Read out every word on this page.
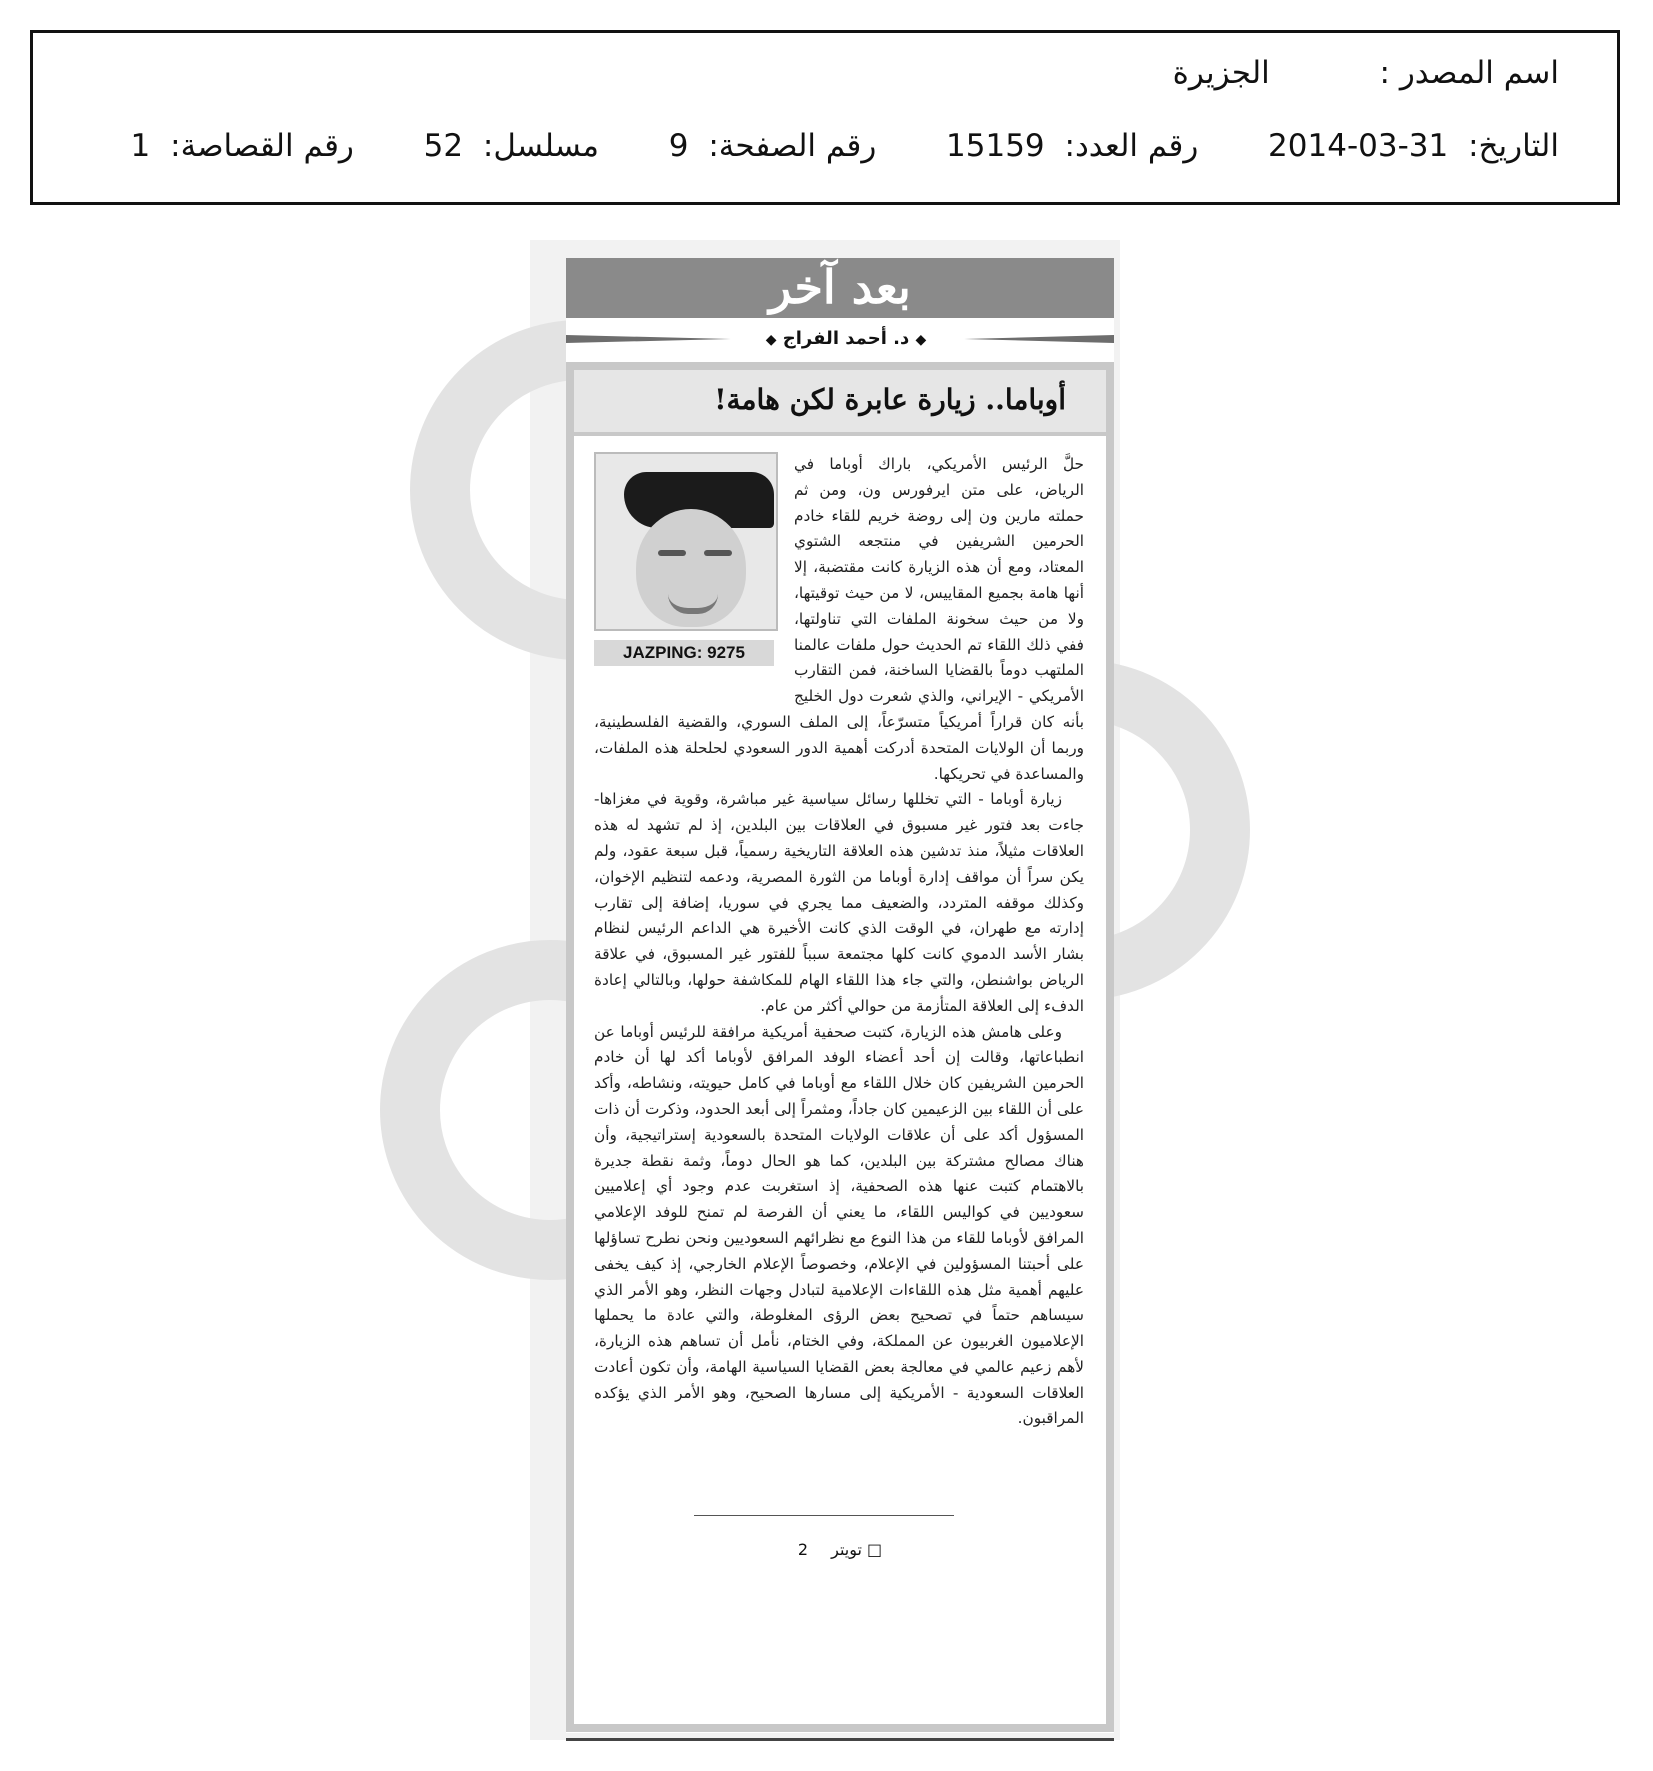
اسم المصدر :  الجزيرة
التاريخ: 2014-03-31  رقم العدد: 15159  رقم الصفحة: 9  مسلسل: 52  رقم القصاصة: 1
بعد آخر
◆ د. أحمد الفراج ◆
أوباما.. زيارة عابرة لكن هامة!
JAZPING: 9275

حلَّ الرئيس الأمريكي، باراك أوباما في الرياض، على متن ايرفورس ون، ومن ثم حملته مارين ون إلى روضة خريم للقاء خادم الحرمين الشريفين في منتجعه الشتوي المعتاد، ومع أن هذه الزيارة كانت مقتضبة، إلا أنها هامة بجميع المقاييس، لا من حيث توقيتها، ولا من حيث سخونة الملفات التي تناولتها، ففي ذلك اللقاء تم الحديث حول ملفات عالمنا الملتهب دوماً بالقضايا الساخنة، فمن التقارب الأمريكي - الإيراني، والذي شعرت دول الخليج بأنه كان قراراً أمريكياً متسرّعاً، إلى الملف السوري، والقضية الفلسطينية، وربما أن الولايات المتحدة أدركت أهمية الدور السعودي لحلحلة هذه الملفات، والمساعدة في تحريكها.

زيارة أوباما - التي تخللها رسائل سياسية غير مباشرة، وقوية في مغزاها- جاءت بعد فتور غير مسبوق في العلاقات بين البلدين، إذ لم تشهد له هذه العلاقات مثيلاً، منذ تدشين هذه العلاقة التاريخية رسمياً، قبل سبعة عقود، ولم يكن سراً أن مواقف إدارة أوباما من الثورة المصرية، ودعمه لتنظيم الإخوان، وكذلك موقفه المتردد، والضعيف مما يجري في سوريا، إضافة إلى تقارب إدارته مع طهران، في الوقت الذي كانت الأخيرة هي الداعم الرئيس لنظام بشار الأسد الدموي كانت كلها مجتمعة سبباً للفتور غير المسبوق، في علاقة الرياض بواشنطن، والتي جاء هذا اللقاء الهام للمكاشفة حولها، وبالتالي إعادة الدفء إلى العلاقة المتأزمة من حوالي أكثر من عام.

وعلى هامش هذه الزيارة، كتبت صحفية أمريكية مرافقة للرئيس أوباما عن انطباعاتها، وقالت إن أحد أعضاء الوفد المرافق لأوباما أكد لها أن خادم الحرمين الشريفين كان خلال اللقاء مع أوباما في كامل حيويته، ونشاطه، وأكد على أن اللقاء بين الزعيمين كان جاداً، ومثمراً إلى أبعد الحدود، وذكرت أن ذات المسؤول أكد على أن علاقات الولايات المتحدة بالسعودية إستراتيجية، وأن هناك مصالح مشتركة بين البلدين، كما هو الحال دوماً، وثمة نقطة جديرة بالاهتمام كتبت عنها هذه الصحفية، إذ استغربت عدم وجود أي إعلاميين سعوديين في كواليس اللقاء، ما يعني أن الفرصة لم تمنح للوفد الإعلامي المرافق لأوباما للقاء من هذا النوع مع نظرائهم السعوديين ونحن نطرح تساؤلها على أحبتنا المسؤولين في الإعلام، وخصوصاً الإعلام الخارجي، إذ كيف يخفى عليهم أهمية مثل هذه اللقاءات الإعلامية لتبادل وجهات النظر، وهو الأمر الذي سيساهم حتماً في تصحيح بعض الرؤى المغلوطة، والتي عادة ما يحملها الإعلاميون الغربيون عن المملكة، وفي الختام، نأمل أن تساهم هذه الزيارة، لأهم زعيم عالمي في معالجة بعض القضايا السياسية الهامة، وأن تكون أعادت العلاقات السعودية - الأمريكية إلى مسارها الصحيح، وهو الأمر الذي يؤكده المراقبون.

□ تويتر 2
